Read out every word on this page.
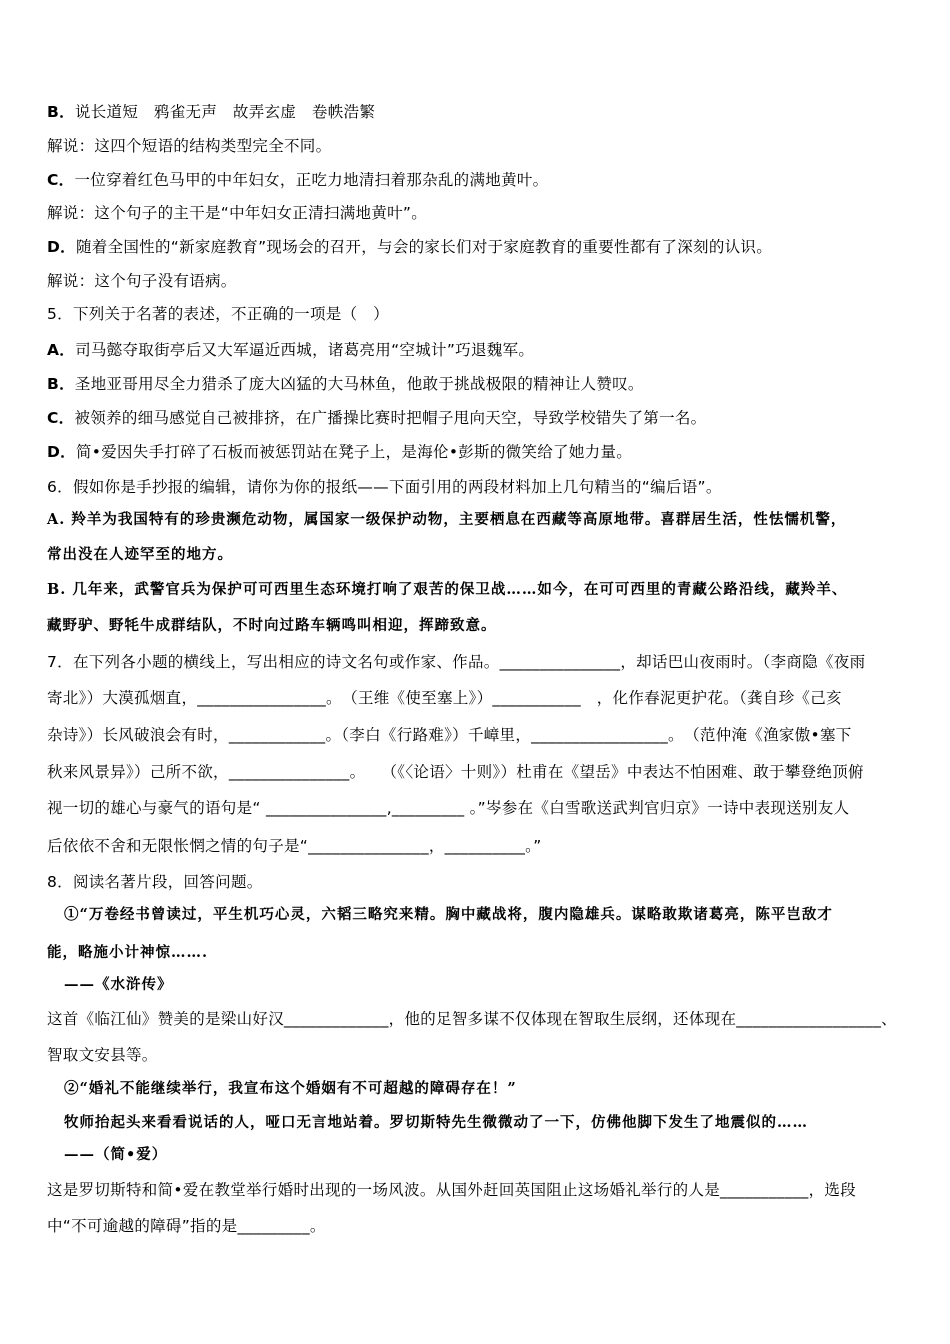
B．说长道短　鸦雀无声　故弄玄虚　卷帙浩繁
解说：这四个短语的结构类型完全不同。
C．一位穿着红色马甲的中年妇女，正吃力地清扫着那杂乱的满地黄叶。
解说：这个句子的主干是“中年妇女正清扫满地黄叶”。
D．随着全国性的“新家庭教育”现场会的召开，与会的家长们对于家庭教育的重要性都有了深刻的认识。
解说：这个句子没有语病。
5．下列关于名著的表述，不正确的一项是（　）
A．司马懿夺取街亭后又大军逼近西城，诸葛亮用“空城计”巧退魏军。
B．圣地亚哥用尽全力猎杀了庞大凶猛的大马林鱼，他敢于挑战极限的精神让人赞叹。
C．被领养的细马感觉自己被排挤，在广播操比赛时把帽子甩向天空，导致学校错失了第一名。
D．简•爱因失手打碎了石板而被惩罚站在凳子上，是海伦•彭斯的微笑给了她力量。
6．假如你是手抄报的编辑，请你为你的报纸——下面引用的两段材料加上几句精当的“编后语”。
A. 羚羊为我国特有的珍贵濒危动物，属国家一级保护动物，主要栖息在西藏等高原地带。喜群居生活，性怯懦机警，
常出没在人迹罕至的地方。
B. 几年来，武警官兵为保护可可西里生态环境打响了艰苦的保卫战……如今，在可可西里的青藏公路沿线，藏羚羊、
藏野驴、野牦牛成群结队，不时向过路车辆鸣叫相迎，挥蹄致意。
7．在下列各小题的横线上，写出相应的诗文名句或作家、作品。_______________，却话巴山夜雨时。（李商隐《夜雨
寄北》）大漠孤烟直，________________。　（王维《使至塞上》）___________　，化作春泥更护花。（龚自珍《己亥
杂诗》）长风破浪会有时，____________。（李白《行路难》）千嶂里，_________________。　（范仲淹《渔家傲•塞下
秋来风景异》）己所不欲，_______________。　　（《〈论语〉十则》）杜甫在《望岳》中表达不怕困难、敢于攀登绝顶俯
视一切的雄心与豪气的语句是“ _______________,_________ 。”岑参在《白雪歌送武判官归京》一诗中表现送别友人
后依依不舍和无限怅惘之情的句子是“_______________，__________。”
8．阅读名著片段，回答问题。
①“万卷经书曾读过，平生机巧心灵，六韬三略究来精。胸中藏战将，腹内隐雄兵。谋略敢欺诸葛亮，陈平岂敌才
能，略施小计神惊…….
——《水浒传》
这首《临江仙》赞美的是梁山好汉_____________，他的足智多谋不仅体现在智取生辰纲，还体现在__________________、
智取文安县等。
②“婚礼不能继续举行，我宣布这个婚姻有不可超越的障碍存在！”
牧师抬起头来看看说话的人，哑口无言地站着。罗切斯特先生微微动了一下，仿佛他脚下发生了地震似的……
——（简•爱）
这是罗切斯特和简•爱在教堂举行婚时出现的一场风波。从国外赶回英国阻止这场婚礼举行的人是___________，选段
中“不可逾越的障碍”指的是_________。
